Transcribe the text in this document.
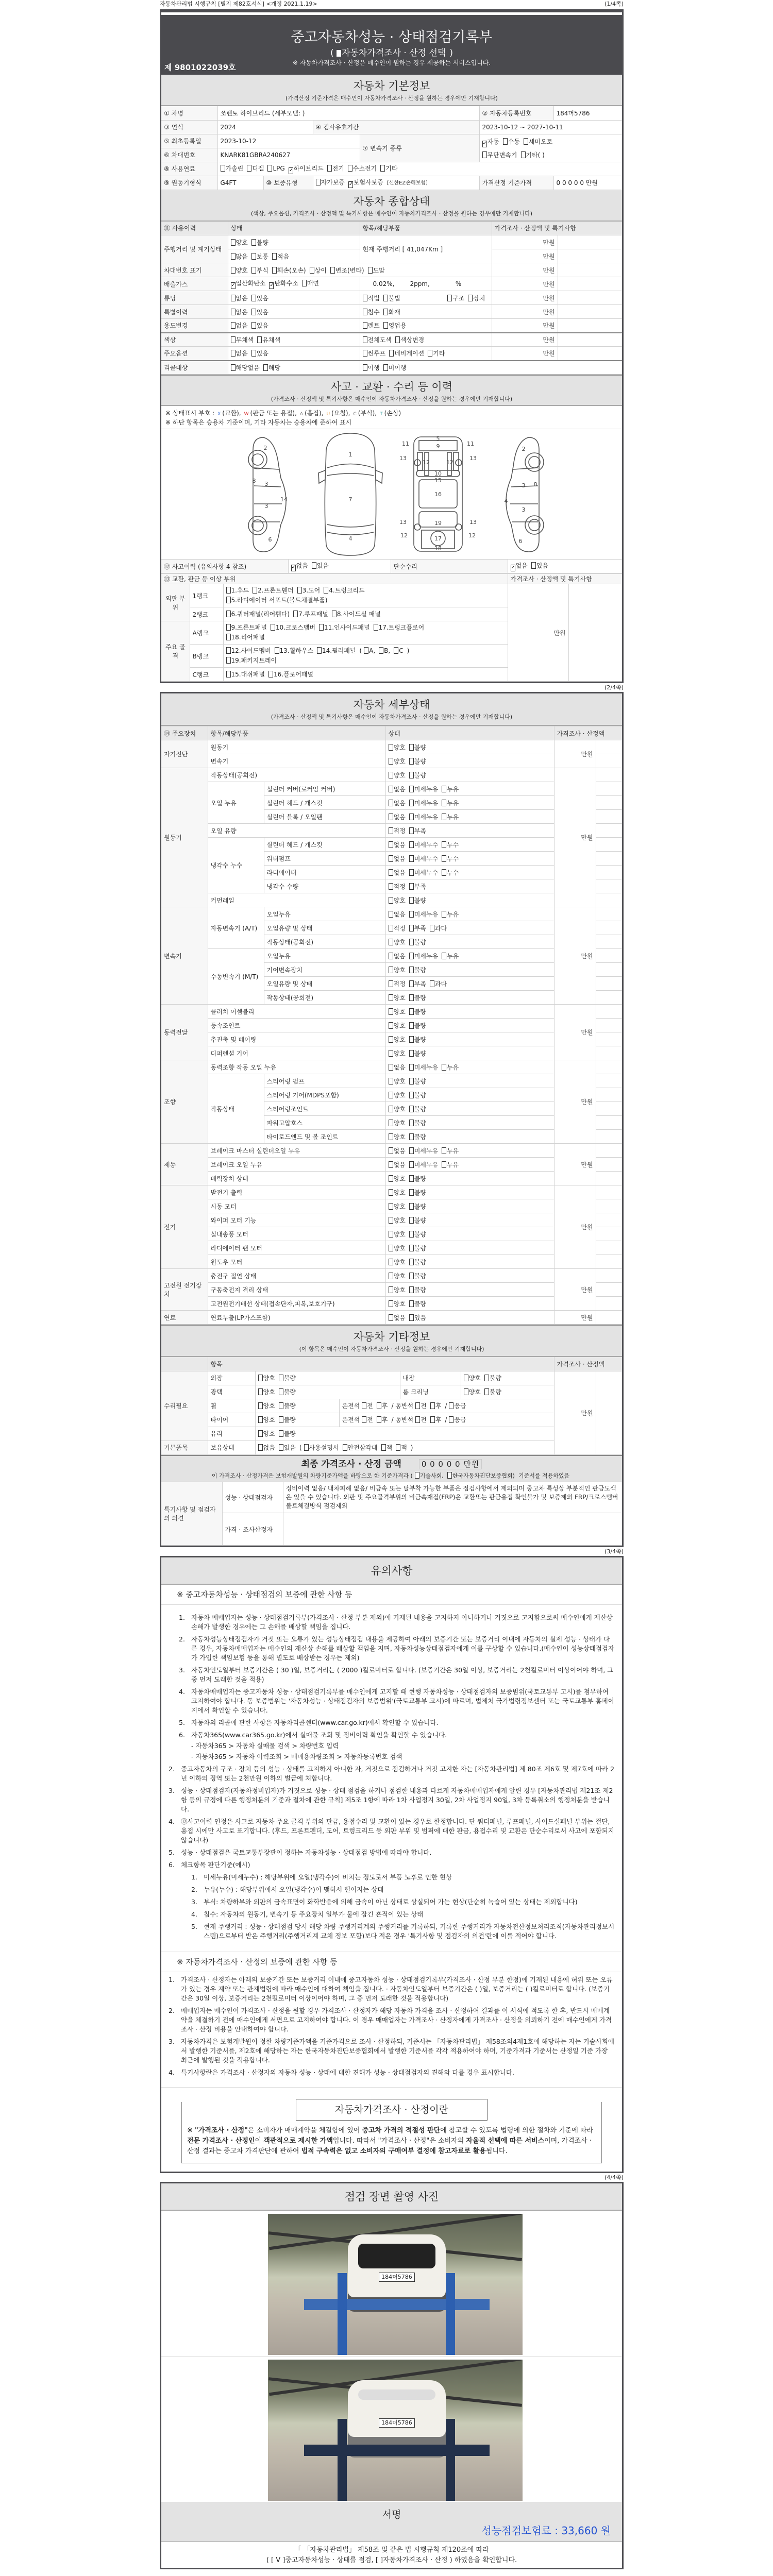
자동차관리법 시행규칙 [별지 제82호서식] <개정 2021.1.19>	(1/4쪽)
중고자동차성능 · 상태점검기록부
( 자동차가격조사 · 산정 선택 )
※ 자동차가격조사 · 산정은 매수인이 원하는 경우 제공하는 서비스입니다.
제 9801022039호
자동차 기본정보
(가격산정 기준가격은 매수인이 자동차가격조사 · 산정을 원하는 경우에만 기재합니다)
① 차명	쏘렌토 하이브리드 (세부모델: )				② 자동차등록번호	184머5786
③ 연식	2024		④ 검사유효기간		2023-10-12 ~ 2027-10-11	
⑤ 최초등록일	2023-10-12			⑦ 변속기 종류	✓자동 수동 세미오토
무단변속기 기타( )	

⑥ 차대번호	KNARK81GBRA240627					
⑧ 사용연료	가솔린 디젤 LPG ✓하이브리드 전기 수소전기 기타					
⑨ 원동기형식	G4FT	⑩ 보증유형	자가보증 ✓보험사보증 [신한EZ손해보험]		가격산정 기준가격	0 0 0 0 0 만원
자동차 종합상태
(색상, 주요옵션, 가격조사 · 산정액 및 특기사항은 매수인이 자동차가격조사 · 산정을 원하는 경우에만 기재합니다)
⑪ 사용이력	상태	항목/해당부품	가격조사 · 산정액 및 특기사항	
주행거리 및 계기상태	양호 불량	현재 주행거리 [ 41,047Km ]	만원	
	많음 보통 적음		만원	
차대번호 표기	양호 부식 훼손(오손) 상이 변조(변타) 도말		만원	
배출가스	✓일산화탄소 ✓탄화수소 매연	0.02%, 2ppm, %	만원	
튜닝	없음 있음	적법 불법 구조 장치	만원	
특별이력	없음 있음	침수 화재	만원	
용도변경	없음 있음	렌트 영업용	만원	
색상	무채색 유채색	전체도색 색상변경	만원	
주요옵션	없음 있음	썬루프 네비게이션 기타	만원	
리콜대상	해당없음 해당	이행 미이행		
사고 · 교환 · 수리 등 이력
(가격조사 · 산정액 및 특기사항은 매수인이 자동차가격조사 · 산정을 원하는 경우에만 기재합니다)
※ 상태표시 부호 : X (교환), W (판금 또는 용접), A (흠집), U (요철), C (부식), T (손상)
※ 하단 항목은 승용차 기준이며, 기타 자동차는 승용차에 준하여 표시
2
8 3
3
14
6
1
7
4
5
9
11	11
13	13
12	12
10
15
16
13	13
19
17
12	12
18
2
3 8
4
3
6
⑫ 사고이력 (유의사항 4 참조)	✓없음 있음	단순수리	✓없음 있음
⑬ 교환, 판금 등 이상 부위			가격조사 · 산정액 및 특기사항	
외판 부위	1랭크	1.후드 2.프론트휀더 3.도어 4.트렁크리드
5.라디에이터 서포트(볼트체결부품)	만원	
	2랭크	6.쿼터패널(리어휀다) 7.루프패널 8.사이드실 패널		

주요 골격	A랭크	9.프론트패널 10.크로스멤버 11.인사이드패널 17.트렁크플로어
18.리어패널		

	B랭크	12.사이드멤버 13.휠하우스 14.필러패널 ( A, B, C )
19.패키지트레이		

	C랭크	15.대쉬패널 16.플로어패널		
(2/4쪽)
자동차 세부상태
(가격조사 · 산정액 및 특기사항은 매수인이 자동차가격조사 · 산정을 원하는 경우에만 기재합니다)
⑭ 주요장치	항목/해당부품		상태	가격조사 · 산정액	
자기진단	원동기		양호 불량	만원	
	변속기		양호 불량		
원동기	작동상태(공회전)		양호 불량	만원	
	오일 누유	실린더 커버(로커암 커버)	없음 미세누유 누유		
		실린더 헤드 / 개스킷	없음 미세누유 누유		
		실린더 블록 / 오일팬	없음 미세누유 누유		
	오일 유량		적정 부족		
	냉각수 누수	실린더 헤드 / 개스킷	없음 미세누수 누수		
		워터펌프	없음 미세누수 누수		
		라디에이터	없음 미세누수 누수		
		냉각수 수량	적정 부족		
	커먼레일		양호 불량		
변속기	자동변속기 (A/T)	오일누유	없음 미세누유 누유	만원	
		오일유량 및 상태	적정 부족 과다		
		작동상태(공회전)	양호 불량		
	수동변속기 (M/T)	오일누유	없음 미세누유 누유		
		기어변속장치	양호 불량		
		오일유량 및 상태	적정 부족 과다		
		작동상태(공회전)	양호 불량		
동력전달	클러치 어셈블리		양호 불량	만원	
	등속조인트		양호 불량		
	추진축 및 베어링		양호 불량		
	디퍼렌셜 기어		양호 불량		
조향	동력조향 작동 오일 누유		없음 미세누유 누유	만원	
	작동상태	스티어링 펌프	양호 불량		
		스티어링 기어(MDPS포함)	양호 불량		
		스티어링조인트	양호 불량		
		파워고압호스	양호 불량		
		타이로드엔드 및 볼 조인트	양호 불량		
제동	브레이크 마스터 실린더오일 누유		없음 미세누유 누유	만원	
	브레이크 오일 누유		없음 미세누유 누유		
	배력장치 상태		양호 불량		
전기	발전기 출력		양호 불량	만원	
	시동 모터		양호 불량		
	와이퍼 모터 기능		양호 불량		
	실내송풍 모터		양호 불량		
	라디에이터 팬 모터		양호 불량		
	윈도우 모터		양호 불량		
고전원 전기장치	충전구 절연 상태		양호 불량	만원	
	구동축전지 격리 상태		양호 불량		
	고전원전기배선 상태(접속단자,피복,보호기구)		양호 불량		
연료	연료누출(LP가스포함)		없음 있음	만원	
자동차 기타정보
(이 항목은 매수인이 자동차가격조사 · 산정을 원하는 경우에만 기재합니다)
	항목					가격조사 · 산정액	
수리필요	외장	양호 불량		내장	양호 불량	만원	
	광택	양호 불량		룸 크리닝	양호 불량		
	휠	양호 불량	운전석 전 후 / 동반석 전 후 / 응급				
	타이어	양호 불량	운전석 전 후 / 동반석 전 후 / 응급				
	유리	양호 불량					
기본품목	보유상태	없음 있음 ( 사용설명서 안전삼각대 잭 잭 )					
최종 가격조사 · 산정 금액	0 0 0 0 0 만원
이 가격조사 · 산정가격은 보험개발원의 차량기준가액을 바탕으로 한 기준가격과 ( 기술사회, 한국자동차진단보증협회) 기준서를 적용하였음
특기사항 및 점검자의 의견	성능 · 상태점검자	정비이력 없음/ 내차피해 없음/ 비금속 또는 탈부착 가능한 부품은 점검사항에서 제외되며 중고차 특성상 부분적인 판금도색은 있을 수 있습니다. 외판 및 주요골격부위의 비금속재질(FRP)은 교환또는 판금용접 확인불가 및 보증제외 FRP/크로스멤버 볼트체결방식 점검제외
	가격 · 조사산정자	
(3/4쪽)
유의사항
※ 중고자동차성능 · 상태점검의 보증에 관한 사항 등
1. 자동차 매매업자는 성능 · 상태점검기록부(가격조사 · 산정 부분 제외)에 기재된 내용을 고지하지 아니하거나 거짓으로 고지함으로써 매수인에게 재산상 손해가 발생한 경우에는 그 손해를 배상할 책임을 집니다.
2. 자동차성능상태점검자가 거짓 또는 오류가 있는 성능상태점검 내용을 제공하여 아래의 보증기간 또는 보증거리 이내에 자동차의 실제 성능 · 상태가 다른 경우, 자동차매매업자는 매수인의 재산상 손해를 배상할 책임을 지며, 자동차성능상태점검자에게 이를 구상할 수 있습니다.(매수인이 성능상태점검자가 가입한 책임보험 등을 통해 별도로 배상받는 경우는 제외)
3. 자동차인도일부터 보증기간은 ( 30 )일, 보증거리는 ( 2000 )킬로미터로 합니다. (보증기간은 30일 이상, 보증거리는 2천킬로미터 이상이어야 하며, 그 중 먼저 도래한 것을 적용)
4. 자동차매매업자는 중고자동차 성능 · 상태점검기록부를 매수인에게 고지할 때 현행 자동차성능 · 상태점검자의 보증범위(국토교통부 고시)를 첨부하여 고지하여야 합니다. 동 보증범위는 '자동차성능 · 상태점검자의 보증범위'(국토교통부 고시)에 따르며, 법제처 국가법령정보센터 또는 국토교통부 홈페이지에서 확인할 수 있습니다.
5. 자동차의 리콜에 관한 사항은 자동차리콜센터(www.car.go.kr)에서 확인할 수 있습니다.
6. 자동차365(www.car365.go.kr)에서 실매물 조회 및 정비이력 확인을 확인할 수 있습니다.
- 자동차365 > 자동차 실매물 검색 > 차량번호 입력
- 자동차365 > 자동차 이력조회 > 매매용차량조회 > 자동차등록번호 검색
2. 중고자동차의 구조 · 장치 등의 성능 · 상태를 고지하지 아니한 자, 거짓으로 점검하거나 거짓 고지한 자는 [자동차관리법] 제 80조 제6호 및 제7호에 따라 2년 이하의 징역 또는 2천만원 이하의 벌금에 처합니다.
3. 성능 · 상태점검자(자동차정비업자)가 거짓으로 성능 · 상태 점검을 하거나 점검한 내용과 다르게 자동차매매업자에게 알린 경우 [자동차관리법 제21조 제2항 등의 규정에 따른 행정처분의 기준과 절차에 관한 규칙] 제5조 1항에 따라 1차 사업정지 30일, 2차 사업정지 90일, 3차 등록취소의 행정처분을 받습니다.
4. ⑫사고이력 인정은 사고로 자동차 주요 골격 부위의 판금, 용접수리 및 교환이 있는 경우로 한정합니다. 단 쿼터패널, 루프패널, 사이드실패널 부위는 절단, 용접 시에만 사고로 표기합니다. (후드, 프론트펜더, 도어, 트렁크리드 등 외판 부위 및 범퍼에 대한 판금, 용접수리 및 교환은 단순수리로서 사고에 포함되지 않습니다)
5. 성능 · 상태점검은 국토교통부장관이 정하는 자동차성능 · 상태점검 방법에 따라야 합니다.
6. 체크항목 판단기준(예시)
1. 미세누유(미세누수) : 해당부위에 오일(냉각수)이 비치는 정도로서 부품 노후로 인한 현상
2. 누유(누수) : 해당부위에서 오일(냉각수)이 맺혀서 떨어지는 상태
3. 부식: 차량하부와 외판의 금속표면이 화학반응에 의해 금속이 아닌 상태로 상실되어 가는 현상(단순히 녹슬어 있는 상태는 제외합니다)
4. 침수: 자동차의 원동기, 변속기 등 주요장치 일부가 물에 잠긴 흔적이 있는 상태
5. 현재 주행거리 : 성능 · 상태점검 당시 해당 차량 주행거리계의 주행거리를 기록하되, 기록한 주행거리가 자동차전산정보처리조직(자동차관리정보시스템)으로부터 받은 주행거리(주행거리계 교체 정보 포함)보다 적은 경우 '특기사항 및 점검자의 의견'란에 이를 적어야 합니다.
※ 자동차가격조사 · 산정의 보증에 관한 사항 등
1. 가격조사 · 산정자는 아래의 보증기간 또는 보증거리 이내에 중고자동차 성능 · 상태점검기록부(가격조사 · 산정 부분 한정)에 기재된 내용에 허위 또는 오류가 있는 경우 계약 또는 관계법령에 따라 매수인에 대하여 책임을 집니다. · 자동차인도일부터 보증기간은 ( )일, 보증거리는 ( )킬로미터로 합니다. (보증기간은 30일 이상, 보증거리는 2천킬로미터 이상이어야 하며, 그 중 먼저 도래한 것을 적용합니다)
2. 매매업자는 매수인이 가격조사 · 산정을 원할 경우 가격조사 · 산정자가 해당 자동차 가격을 조사 · 산정하여 결과를 이 서식에 적도록 한 후, 반드시 매매계약을 체결하기 전에 매수인에게 서면으로 고지하여야 합니다. 이 경우 매매업자는 가격조사 · 산정자에게 가격조사 · 산정을 의뢰하기 전에 매수인에게 가격조사 · 산정 비용을 안내하여야 합니다.
3. 자동차가격은 보험개발원이 정한 차량기준가액을 기준가격으로 조사 · 산정하되, 기준서는 「자동차관리법」 제58조의4제1호에 해당하는 자는 기술사회에서 발행한 기준서를, 제2호에 해당하는 자는 한국자동차진단보증협회에서 발행한 기준서를 각각 적용하여야 하며, 기준가격과 기준서는 산정일 기준 가장 최근에 발행된 것을 적용합니다.
4. 특기사항란은 가격조사 · 산정자의 자동차 성능 · 상태에 대한 견해가 성능 · 상태점검자의 견해와 다를 경우 표시합니다.
자동차가격조사 · 산정이란
※ "가격조사 · 산정"은 소비자가 매매계약을 체결함에 있어 중고차 가격의 적절성 판단에 참고할 수 있도록 법령에 의한 절차와 기준에 따라 전문 가격조사 · 산정인이 객관적으로 제시한 가액입니다. 따라서 "가격조사 · 산정"은 소비자의 자율적 선택에 따른 서비스이며, 가격조사 · 산정 결과는 중고차 가격판단에 관하여 법적 구속력은 없고 소비자의 구매여부 결정에 참고자료로 활용됩니다.
(4/4쪽)
점검 장면 촬영 사진
184머5786
184머5786
서명
성능점검보험료 : 33,660 원
「 「자동차관리법」 제58조 및 같은 법 시행규칙 제120조에 따라
( [ V ]중고자동차성능 · 상태를 점검, [ ]자동차가격조사 · 산정 ) 하였음을 확인합니다.
